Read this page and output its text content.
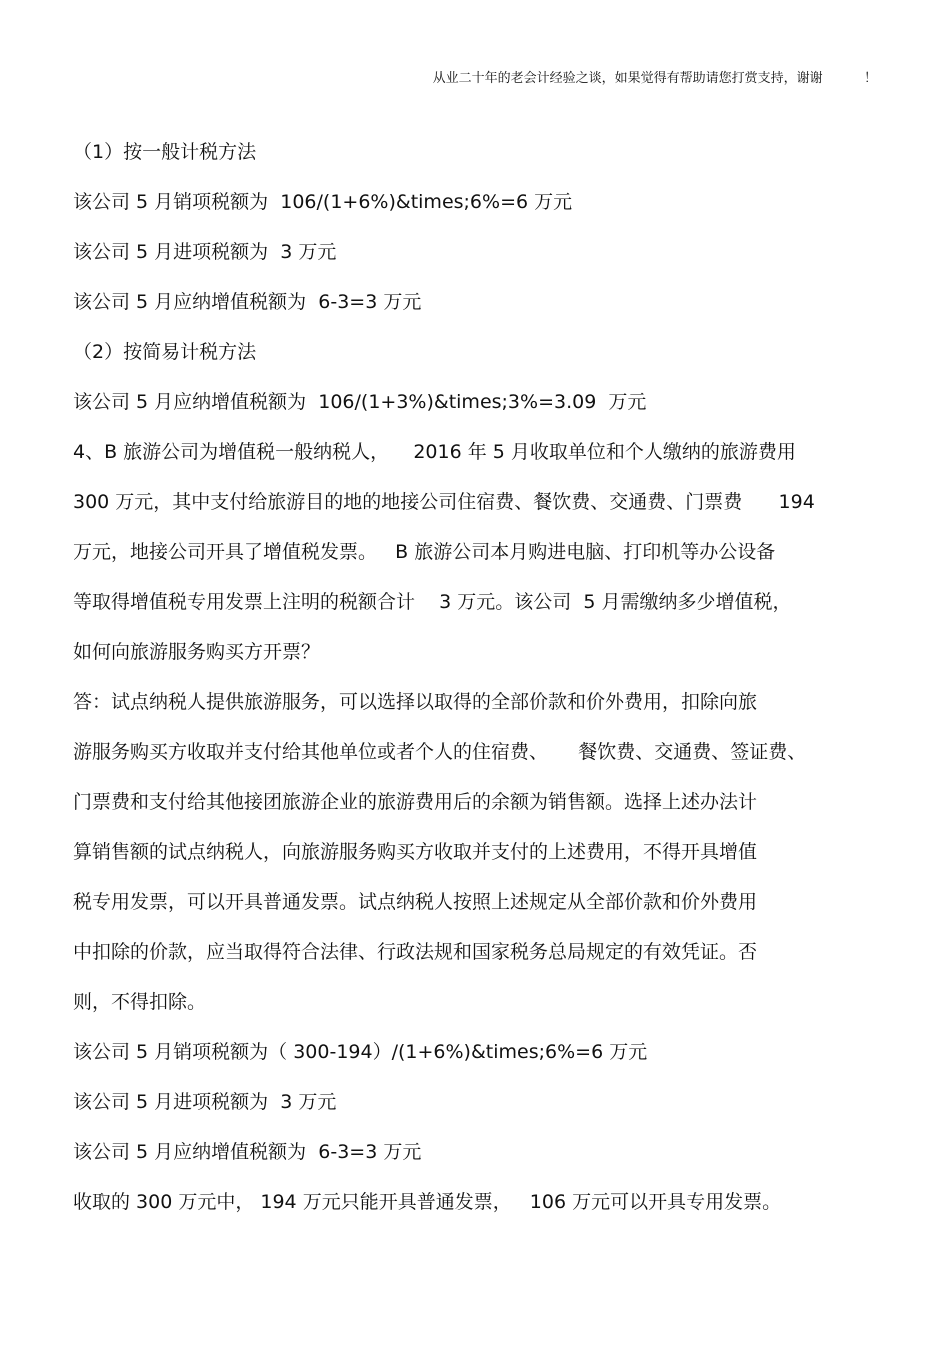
从业二十年的老会计经验之谈，如果觉得有帮助请您打赏支持，谢谢          ！
（1）按一般计税方法
该公司 5 月销项税额为  106/(1+6%)&times;6%=6 万元
该公司 5 月进项税额为  3 万元
该公司 5 月应纳增值税额为  6-3=3 万元
（2）按简易计税方法
该公司 5 月应纳增值税额为  106/(1+3%)&times;3%=3.09  万元
4、B 旅游公司为增值税一般纳税人，    2016 年 5 月收取单位和个人缴纳的旅游费用
300 万元，其中支付给旅游目的地的地接公司住宿费、餐饮费、交通费、门票费      194
万元，地接公司开具了增值税发票。   B 旅游公司本月购进电脑、打印机等办公设备
等取得增值税专用发票上注明的税额合计    3 万元。该公司  5 月需缴纳多少增值税，
如何向旅游服务购买方开票？
答：试点纳税人提供旅游服务，可以选择以取得的全部价款和价外费用，扣除向旅
游服务购买方收取并支付给其他单位或者个人的住宿费、     餐饮费、交通费、签证费、
门票费和支付给其他接团旅游企业的旅游费用后的余额为销售额。选择上述办法计
算销售额的试点纳税人，向旅游服务购买方收取并支付的上述费用，不得开具增值
税专用发票，可以开具普通发票。试点纳税人按照上述规定从全部价款和价外费用
中扣除的价款，应当取得符合法律、行政法规和国家税务总局规定的有效凭证。否
则，不得扣除。
该公司 5 月销项税额为（ 300-194）/(1+6%)&times;6%=6 万元
该公司 5 月进项税额为  3 万元
该公司 5 月应纳增值税额为  6-3=3 万元
收取的 300 万元中， 194 万元只能开具普通发票，   106 万元可以开具专用发票。
